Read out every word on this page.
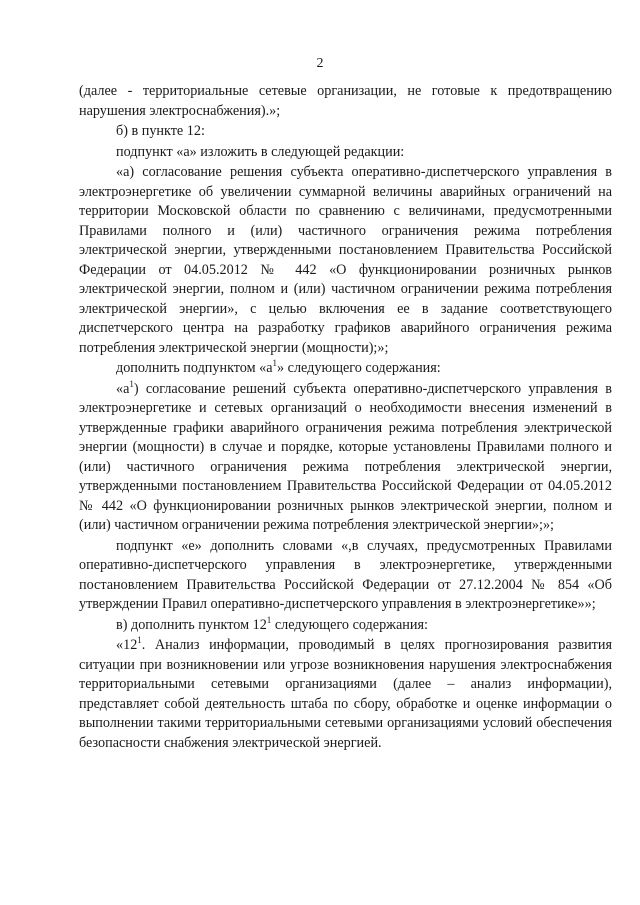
2

(далее - территориальные сетевые организации, не готовые к предотвращению нарушения электроснабжения).»;

б) в пункте 12:

подпункт «а» изложить в следующей редакции:

«а) согласование решения субъекта оперативно-диспетчерского управления в электроэнергетике об увеличении суммарной величины аварийных ограничений на территории Московской области по сравнению с величинами, предусмотренными Правилами полного и (или) частичного ограничения режима потребления электрической энергии, утвержденными постановлением Правительства Российской Федерации от 04.05.2012 № 442 «О функционировании розничных рынков электрической энергии, полном и (или) частичном ограничении режима потребления электрической энергии», с целью включения ее в задание соответствующего диспетчерского центра на разработку графиков аварийного ограничения режима потребления электрической энергии (мощности);»;

дополнить подпунктом «$а^1$» следующего содержания:

«$а^1$) согласование решений субъекта оперативно-диспетчерского управления в электроэнергетике и сетевых организаций о необходимости внесения изменений в утвержденные графики аварийного ограничения режима потребления электрической энергии (мощности) в случае и порядке, которые установлены Правилами полного и (или) частичного ограничения режима потребления электрической энергии, утвержденными постановлением Правительства Российской Федерации от 04.05.2012 № 442 «О функционировании розничных рынков электрической энергии, полном и (или) частичном ограничении режима потребления электрической энергии»;»;

подпункт «е» дополнить словами «,в случаях, предусмотренных Правилами оперативно-диспетчерского управления в электроэнергетике, утвержденными постановлением Правительства Российской Федерации от 27.12.2004 № 854 «Об утверждении Правил оперативно-диспетчерского управления в электроэнергетике»»;

в) дополнить пунктом $12^1$ следующего содержания:

«$12^1$. Анализ информации, проводимый в целях прогнозирования развития ситуации при возникновении или угрозе возникновения нарушения электроснабжения территориальными сетевыми организациями (далее – анализ информации), представляет собой деятельность штаба по сбору, обработке и оценке информации о выполнении такими территориальными сетевыми организациями условий обеспечения безопасности снабжения электрической энергией.
